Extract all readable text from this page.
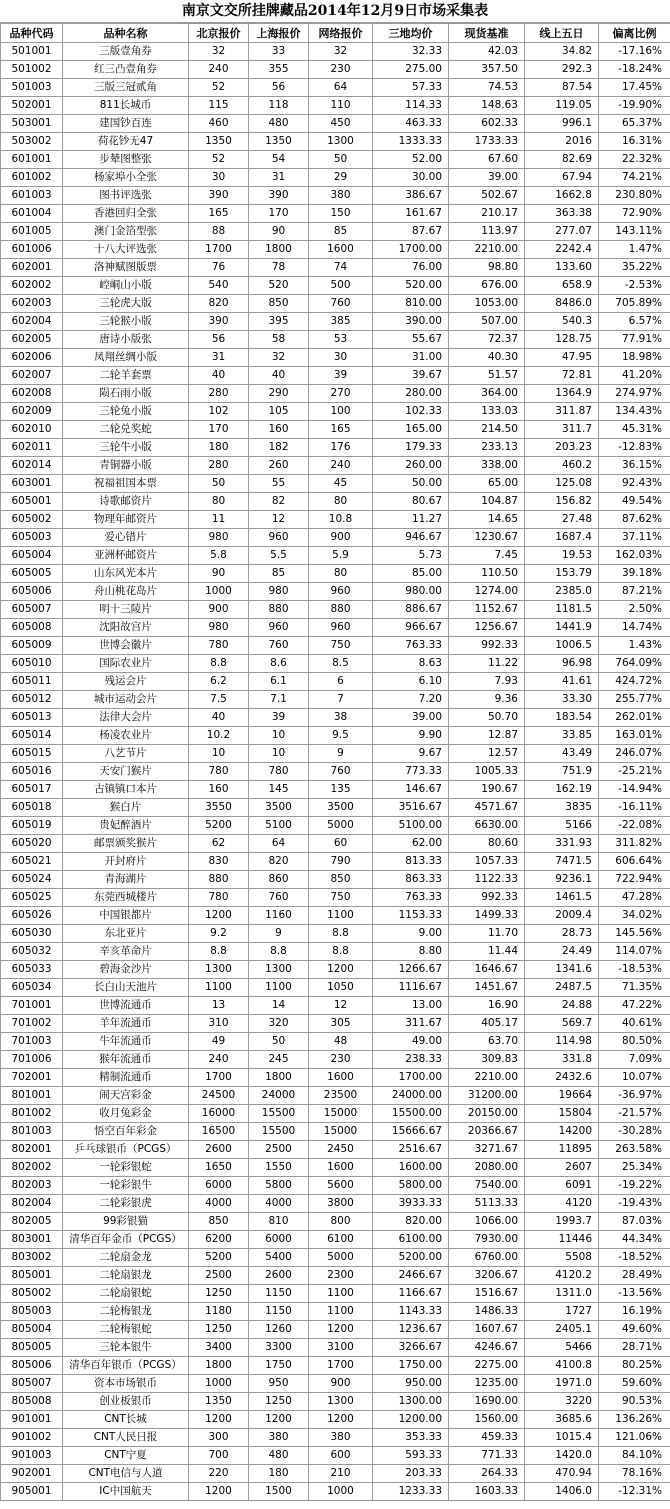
南京文交所挂牌藏品2014年12月9日市场采集表
品种代码	品种名称	北京报价	上海报价	网络报价	三地均价	现货基准	线上五日	偏离比例
501001	三版壹角券	32	33	32	32.33	42.03	34.82	-17.16%
501002	红三凸壹角券	240	355	230	275.00	357.50	292.3	-18.24%
501003	三版三冠贰角	52	56	64	57.33	74.53	87.54	17.45%
502001	811长城币	115	118	110	114.33	148.63	119.05	-19.90%
503001	建国钞百连	460	480	450	463.33	602.33	996.1	65.37%
503002	荷花钞无47	1350	1350	1300	1333.33	1733.33	2016	16.31%
601001	步辇图整张	52	54	50	52.00	67.60	82.69	22.32%
601002	杨家埠小全张	30	31	29	30.00	39.00	67.94	74.21%
601003	图书评选张	390	390	380	386.67	502.67	1662.8	230.80%
601004	香港回归全张	165	170	150	161.67	210.17	363.38	72.90%
601005	澳门金箔型张	88	90	85	87.67	113.97	277.07	143.11%
601006	十八大评选张	1700	1800	1600	1700.00	2210.00	2242.4	1.47%
602001	洛神赋图版票	76	78	74	76.00	98.80	133.60	35.22%
602002	崆峒山小版	540	520	500	520.00	676.00	658.9	-2.53%
602003	三轮虎大版	820	850	760	810.00	1053.00	8486.0	705.89%
602004	三轮猴小版	390	395	385	390.00	507.00	540.3	6.57%
602005	唐诗小版张	56	58	53	55.67	72.37	128.75	77.91%
602006	凤翔丝绸小版	31	32	30	31.00	40.30	47.95	18.98%
602007	二轮羊套票	40	40	39	39.67	51.57	72.81	41.20%
602008	陨石雨小版	280	290	270	280.00	364.00	1364.9	274.97%
602009	三轮兔小版	102	105	100	102.33	133.03	311.87	134.43%
602010	二轮兑奖蛇	170	160	165	165.00	214.50	311.7	45.31%
602011	三轮牛小版	180	182	176	179.33	233.13	203.23	-12.83%
602014	青铜器小版	280	260	240	260.00	338.00	460.2	36.15%
603001	祝福祖国本票	50	55	45	50.00	65.00	125.08	92.43%
605001	诗歌邮资片	80	82	80	80.67	104.87	156.82	49.54%
605002	物理年邮资片	11	12	10.8	11.27	14.65	27.48	87.62%
605003	爱心错片	980	960	900	946.67	1230.67	1687.4	37.11%
605004	亚洲杯邮资片	5.8	5.5	5.9	5.73	7.45	19.53	162.03%
605005	山东风光本片	90	85	80	85.00	110.50	153.79	39.18%
605006	舟山桃花岛片	1000	980	960	980.00	1274.00	2385.0	87.21%
605007	明十三陵片	900	880	880	886.67	1152.67	1181.5	2.50%
605008	沈阳故宫片	980	960	960	966.67	1256.67	1441.9	14.74%
605009	世博会徽片	780	760	750	763.33	992.33	1006.5	1.43%
605010	国际农业片	8.8	8.6	8.5	8.63	11.22	96.98	764.09%
605011	残运会片	6.2	6.1	6	6.10	7.93	41.61	424.72%
605012	城市运动会片	7.5	7.1	7	7.20	9.36	33.30	255.77%
605013	法律大会片	40	39	38	39.00	50.70	183.54	262.01%
605014	杨凌农业片	10.2	10	9.5	9.90	12.87	33.85	163.01%
605015	八艺节片	10	10	9	9.67	12.57	43.49	246.07%
605016	天安门猴片	780	780	760	773.33	1005.33	751.9	-25.21%
605017	古镇镇口本片	160	145	135	146.67	190.67	162.19	-14.94%
605018	猴白片	3550	3500	3500	3516.67	4571.67	3835	-16.11%
605019	贵妃醉酒片	5200	5100	5000	5100.00	6630.00	5166	-22.08%
605020	邮票颁奖猴片	62	64	60	62.00	80.60	331.93	311.82%
605021	开封府片	830	820	790	813.33	1057.33	7471.5	606.64%
605024	青海湖片	880	860	850	863.33	1122.33	9236.1	722.94%
605025	东莞西城楼片	780	760	750	763.33	992.33	1461.5	47.28%
605026	中国银都片	1200	1160	1100	1153.33	1499.33	2009.4	34.02%
605030	东北亚片	9.2	9	8.8	9.00	11.70	28.73	145.56%
605032	辛亥革命片	8.8	8.8	8.8	8.80	11.44	24.49	114.07%
605033	碧海金沙片	1300	1300	1200	1266.67	1646.67	1341.6	-18.53%
605034	长白山天池片	1100	1100	1050	1116.67	1451.67	2487.5	71.35%
701001	世博流通币	13	14	12	13.00	16.90	24.88	47.22%
701002	羊年流通币	310	320	305	311.67	405.17	569.7	40.61%
701003	牛年流通币	49	50	48	49.00	63.70	114.98	80.50%
701006	猴年流通币	240	245	230	238.33	309.83	331.8	7.09%
702001	精制流通币	1700	1800	1600	1700.00	2210.00	2432.6	10.07%
801001	闹天宫彩金	24500	24000	23500	24000.00	31200.00	19664	-36.97%
801002	收月兔彩金	16000	15500	15000	15500.00	20150.00	15804	-21.57%
801003	悟空百年彩金	16500	15500	15000	15666.67	20366.67	14200	-30.28%
802001	乒乓球银币（PCGS）	2600	2500	2450	2516.67	3271.67	11895	263.58%
802002	一轮彩银蛇	1650	1550	1600	1600.00	2080.00	2607	25.34%
802003	一轮彩银牛	6000	5800	5600	5800.00	7540.00	6091	-19.22%
802004	二轮彩银虎	4000	4000	3800	3933.33	5113.33	4120	-19.43%
802005	99彩银猫	850	810	800	820.00	1066.00	1993.7	87.03%
803001	清华百年金币（PCGS）	6200	6000	6100	6100.00	7930.00	11446	44.34%
803002	二轮扇金龙	5200	5400	5000	5200.00	6760.00	5508	-18.52%
805001	二轮扇银龙	2500	2600	2300	2466.67	3206.67	4120.2	28.49%
805002	二轮扇银蛇	1250	1150	1100	1166.67	1516.67	1311.0	-13.56%
805003	二轮梅银龙	1180	1150	1100	1143.33	1486.33	1727	16.19%
805004	二轮梅银蛇	1250	1260	1200	1236.67	1607.67	2405.1	49.60%
805005	三轮本银牛	3400	3300	3100	3266.67	4246.67	5466	28.71%
805006	清华百年银币（PCGS）	1800	1750	1700	1750.00	2275.00	4100.8	80.25%
805007	资本市场银币	1000	950	900	950.00	1235.00	1971.0	59.60%
805008	创业板银币	1350	1250	1300	1300.00	1690.00	3220	90.53%
901001	CNT长城	1200	1200	1200	1200.00	1560.00	3685.6	136.26%
901002	CNT人民日报	300	380	380	353.33	459.33	1015.4	121.06%
901003	CNT宁夏	700	480	600	593.33	771.33	1420.0	84.10%
902001	CNT电信与人道	220	180	210	203.33	264.33	470.94	78.16%
905001	IC中国航天	1200	1500	1000	1233.33	1603.33	1406.0	-12.31%
